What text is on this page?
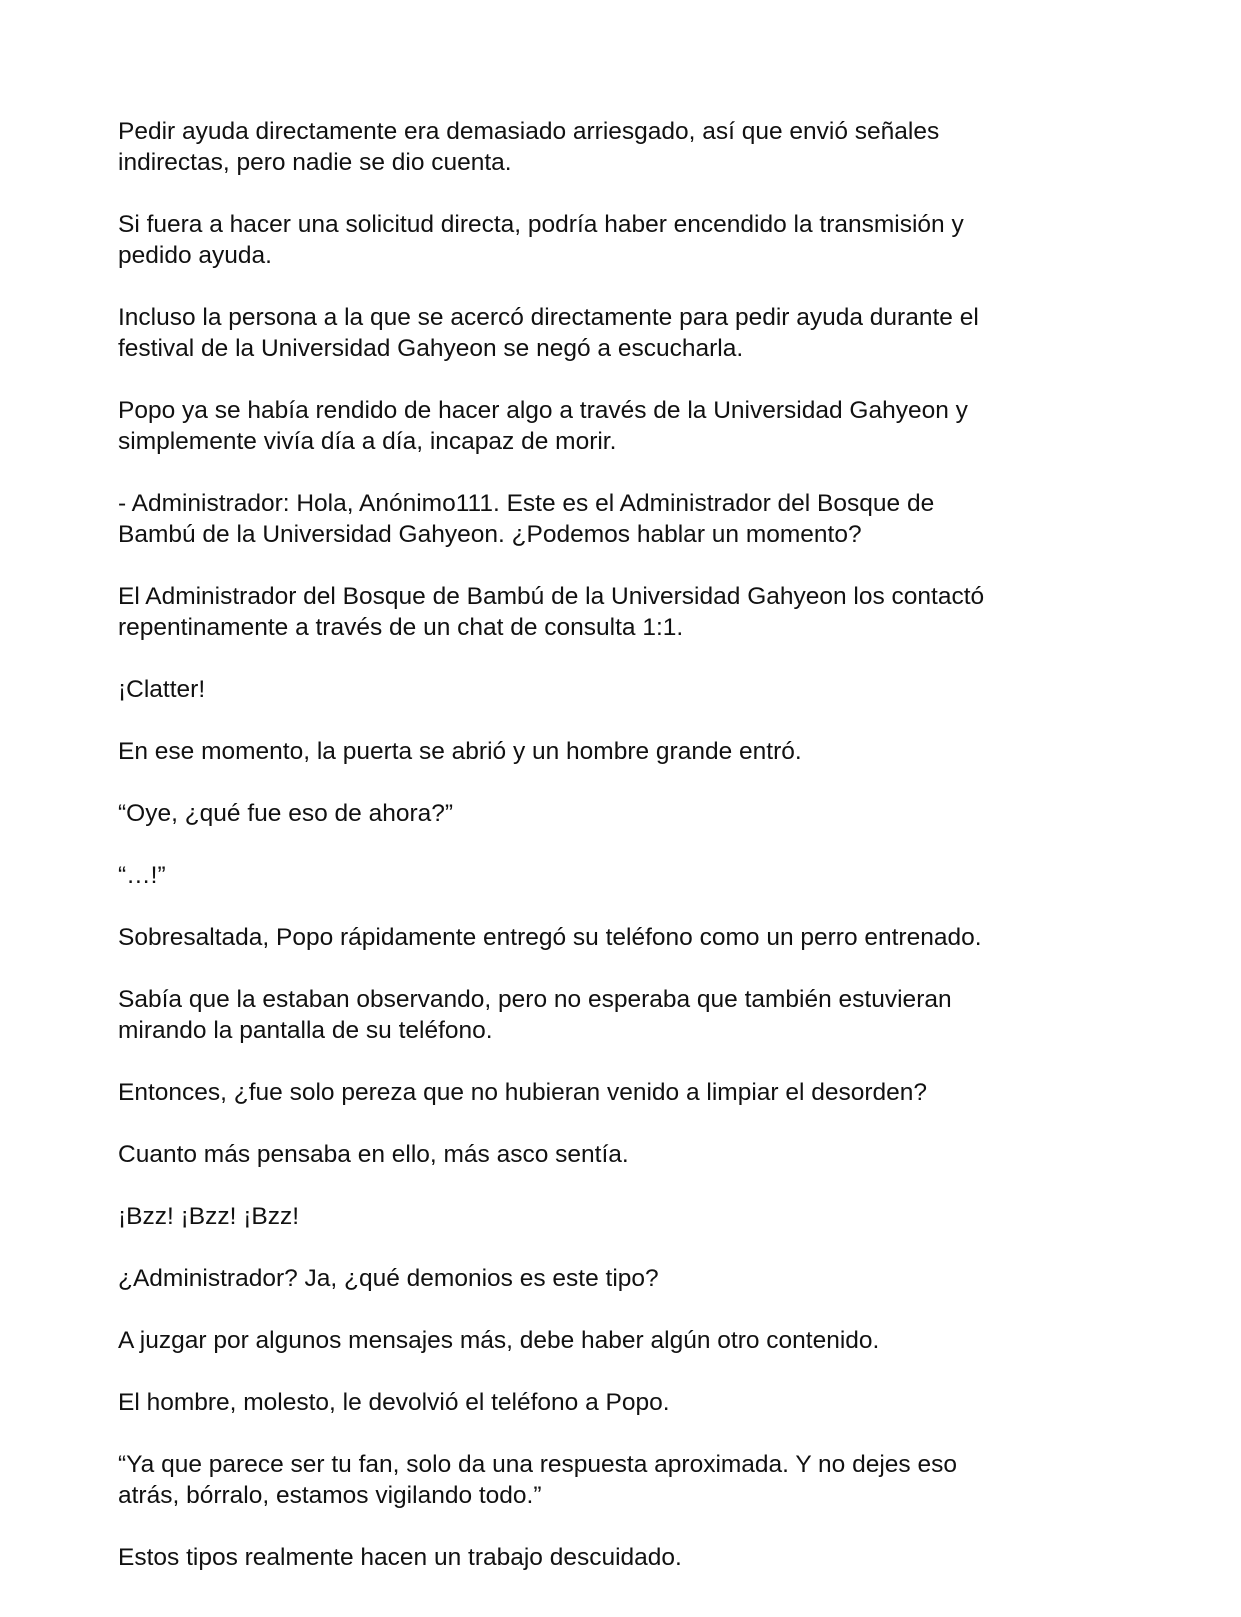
Pedir ayuda directamente era demasiado arriesgado, así que envió señales
indirectas, pero nadie se dio cuenta.

Si fuera a hacer una solicitud directa, podría haber encendido la transmisión y
pedido ayuda.

Incluso la persona a la que se acercó directamente para pedir ayuda durante el
festival de la Universidad Gahyeon se negó a escucharla.

Popo ya se había rendido de hacer algo a través de la Universidad Gahyeon y
simplemente vivía día a día, incapaz de morir.

- Administrador: Hola, Anónimo111. Este es el Administrador del Bosque de
Bambú de la Universidad Gahyeon. ¿Podemos hablar un momento?

El Administrador del Bosque de Bambú de la Universidad Gahyeon los contactó
repentinamente a través de un chat de consulta 1:1.

¡Clatter!

En ese momento, la puerta se abrió y un hombre grande entró.

“Oye, ¿qué fue eso de ahora?”

“…!”

Sobresaltada, Popo rápidamente entregó su teléfono como un perro entrenado.

Sabía que la estaban observando, pero no esperaba que también estuvieran
mirando la pantalla de su teléfono.

Entonces, ¿fue solo pereza que no hubieran venido a limpiar el desorden?

Cuanto más pensaba en ello, más asco sentía.

¡Bzz! ¡Bzz! ¡Bzz!

¿Administrador? Ja, ¿qué demonios es este tipo?

A juzgar por algunos mensajes más, debe haber algún otro contenido.

El hombre, molesto, le devolvió el teléfono a Popo.

“Ya que parece ser tu fan, solo da una respuesta aproximada. Y no dejes eso
atrás, bórralo, estamos vigilando todo.”

Estos tipos realmente hacen un trabajo descuidado.
